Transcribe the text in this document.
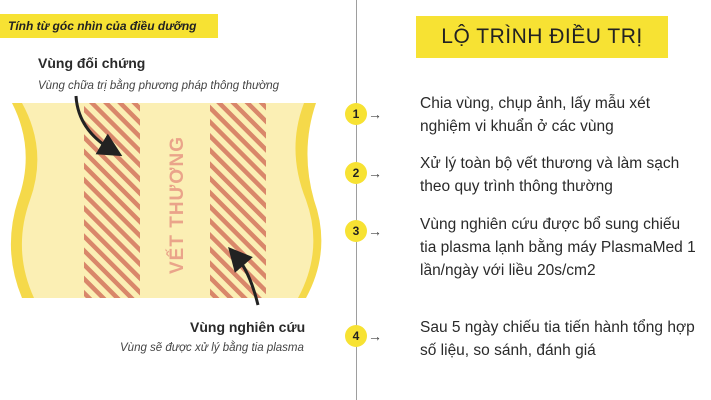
Tính từ góc nhìn của điều dưỡng
Vùng đối chứng
Vùng chữa trị bằng phương pháp thông thường
VẾT THƯƠNG
Vùng nghiên cứu
Vùng sẽ được xử lý bằng tia plasma
LỘ TRÌNH ĐIỀU TRỊ
1 →
Chia vùng, chụp ảnh, lấy mẫu xét nghiệm vi khuẩn ở các vùng
2 →
Xử lý toàn bộ vết thương và làm sạch theo quy trình thông thường
3 → Vùng nghiên cứu được bổ sung chiếu tia plasma lạnh bằng máy PlasmaMed 1 lần/ngày với liều 20s/cm2
4 → Sau 5 ngày chiếu tia tiến hành tổng hợp số liệu, so sánh, đánh giá
